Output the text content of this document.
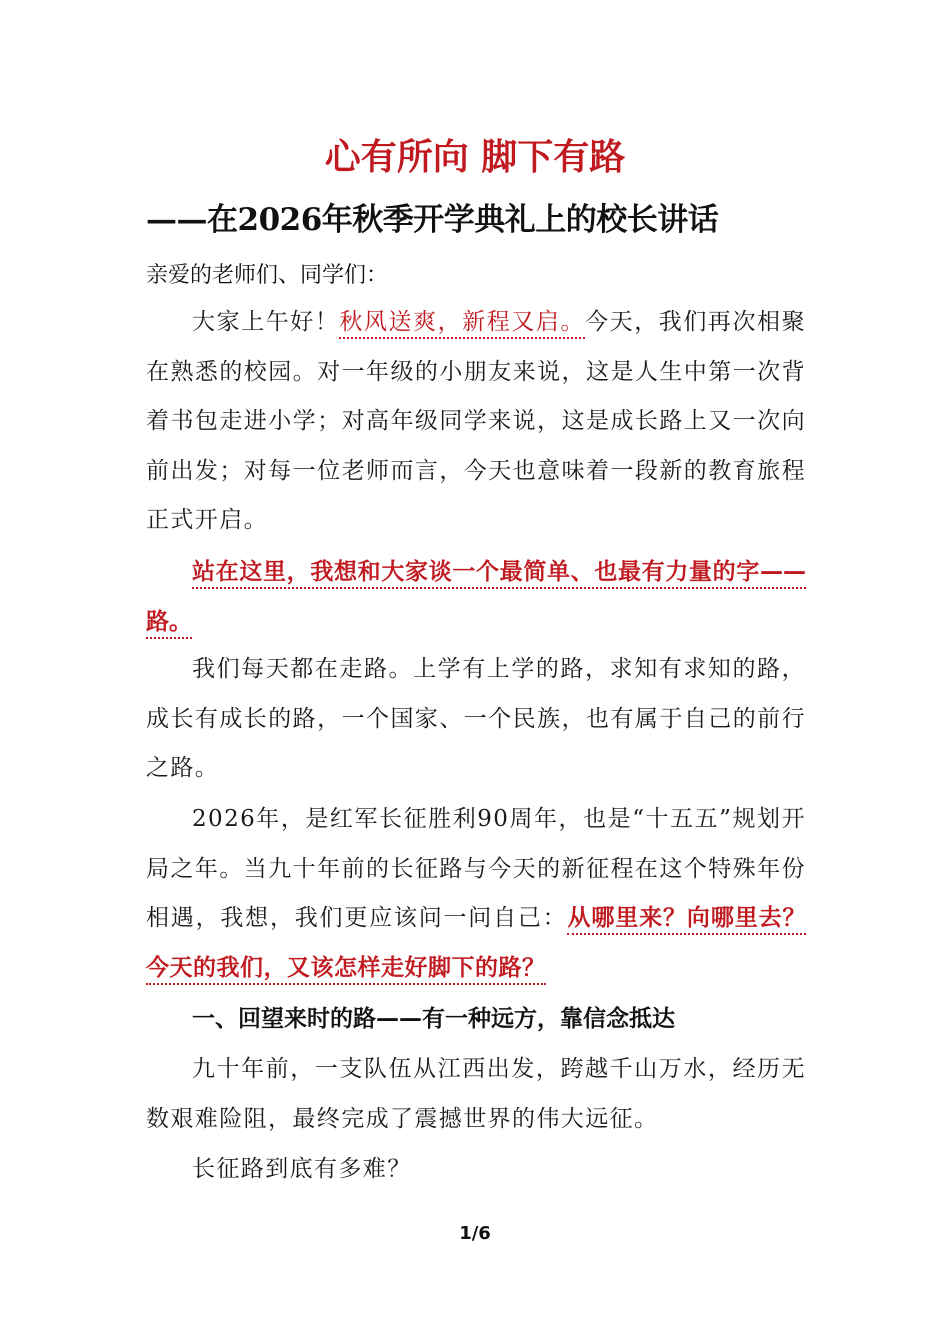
心有所向 脚下有路
——在2026年秋季开学典礼上的校长讲话
亲爱的老师们、同学们：

大家上午好！秋风送爽，新程又启。今天，我们再次相聚在熟悉的校园。对一年级的小朋友来说，这是人生中第一次背着书包走进小学；对高年级同学来说，这是成长路上又一次向前出发；对每一位老师而言，今天也意味着一段新的教育旅程正式开启。

站在这里，我想和大家谈一个最简单、也最有力量的字——路。

我们每天都在走路。上学有上学的路，求知有求知的路，成长有成长的路，一个国家、一个民族，也有属于自己的前行之路。

2026年，是红军长征胜利90周年，也是“十五五”规划开局之年。当九十年前的长征路与今天的新征程在这个特殊年份相遇，我想，我们更应该问一问自己：从哪里来？向哪里去？今天的我们，又该怎样走好脚下的路？

一、回望来时的路——有一种远方，靠信念抵达

九十年前，一支队伍从江西出发，跨越千山万水，经历无数艰难险阻，最终完成了震撼世界的伟大远征。

长征路到底有多难？

1/6
